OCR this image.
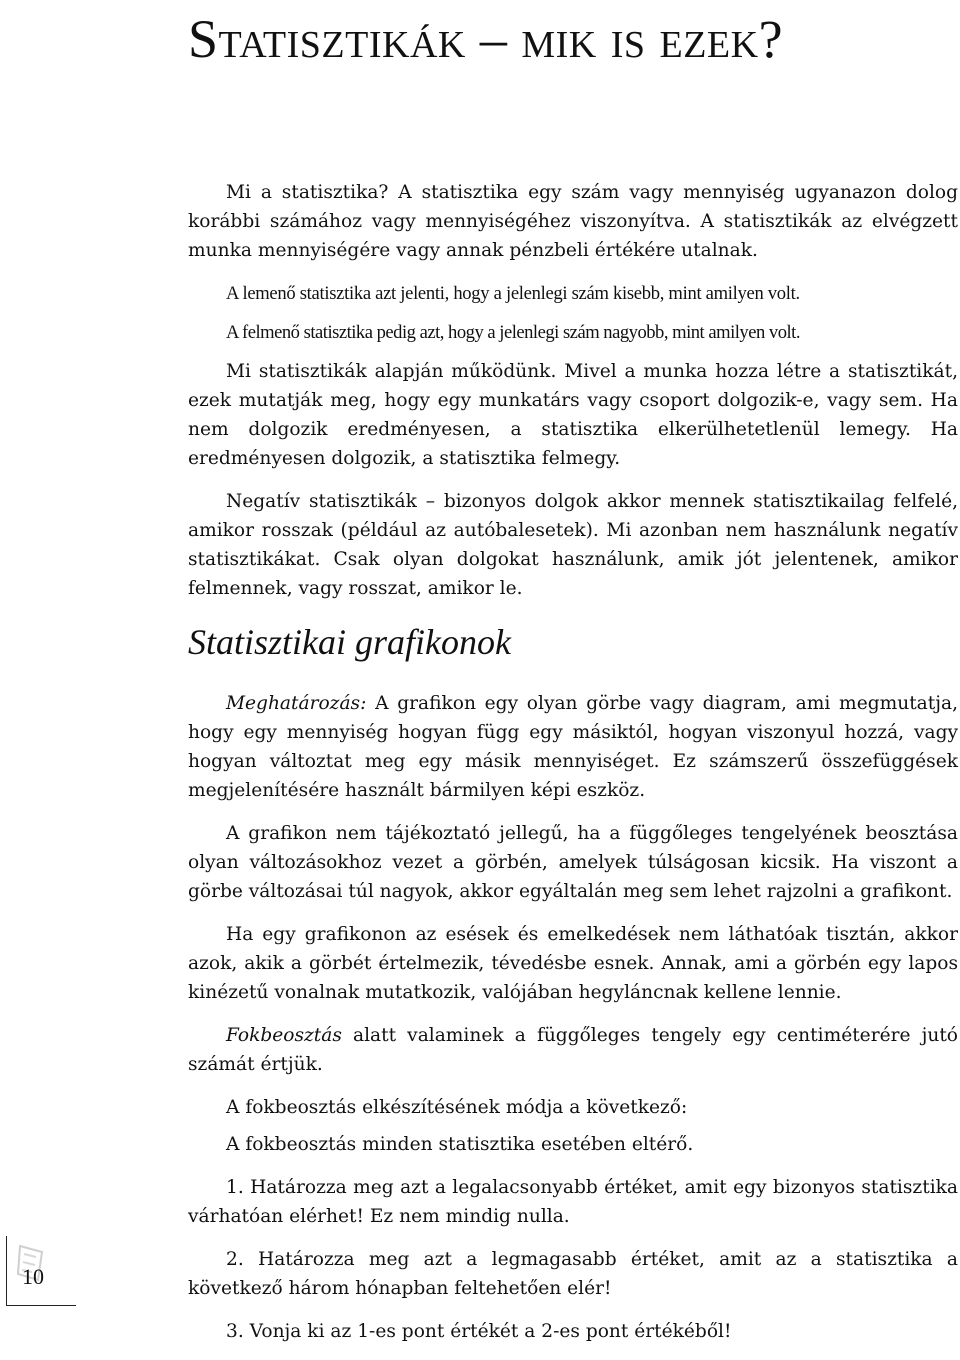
Statisztikák – mik is ezek?

Mi a statisztika? A statisztika egy szám vagy mennyiség ugyanazon dolog korábbi számához vagy mennyiségéhez viszonyítva. A statisztikák az elvégzett munka mennyiségére vagy annak pénzbeli értékére utalnak.

A lemenő statisztika azt jelenti, hogy a jelenlegi szám kisebb, mint amilyen volt.

A felmenő statisztika pedig azt, hogy a jelenlegi szám nagyobb, mint amilyen volt.

Mi statisztikák alapján működünk. Mivel a munka hozza létre a statisztikát, ezek mutatják meg, hogy egy munkatárs vagy csoport dolgozik-e, vagy sem. Ha nem dolgozik eredményesen, a statisztika elkerülhetetlenül lemegy. Ha eredményesen dolgozik, a statisztika felmegy.

Negatív statisztikák – bizonyos dolgok akkor mennek statisztikailag felfelé, amikor rosszak (például az autóbalesetek). Mi azonban nem használunk negatív statisztikákat. Csak olyan dolgokat használunk, amik jót jelentenek, amikor felmennek, vagy rosszat, amikor le.

Statisztikai grafikonok

Meghatározás: A grafikon egy olyan görbe vagy diagram, ami megmutatja, hogy egy mennyiség hogyan függ egy másiktól, hogyan viszonyul hozzá, vagy hogyan változtat meg egy másik mennyiséget. Ez számszerű összefüggések megjelenítésére használt bármilyen képi eszköz.

A grafikon nem tájékoztató jellegű, ha a függőleges tengelyének beosztása olyan változásokhoz vezet a görbén, amelyek túlságosan kicsik. Ha viszont a görbe változásai túl nagyok, akkor egyáltalán meg sem lehet rajzolni a grafikont.

Ha egy grafikonon az esések és emelkedések nem láthatóak tisztán, akkor azok, akik a görbét értelmezik, tévedésbe esnek. Annak, ami a görbén egy lapos kinézetű vonalnak mutatkozik, valójában hegyláncnak kellene lennie.

Fokbeosztás alatt valaminek a függőleges tengely egy centiméterére jutó számát értjük.

A fokbeosztás elkészítésének módja a következő:

A fokbeosztás minden statisztika esetében eltérő.

1. Határozza meg azt a legalacsonyabb értéket, amit egy bizonyos statisztika várhatóan elérhet! Ez nem mindig nulla.

2. Határozza meg azt a legmagasabb értéket, amit az a statisztika a következő három hónapban feltehetően elér!

3. Vonja ki az 1-es pont értékét a 2-es pont értékéből!

10
